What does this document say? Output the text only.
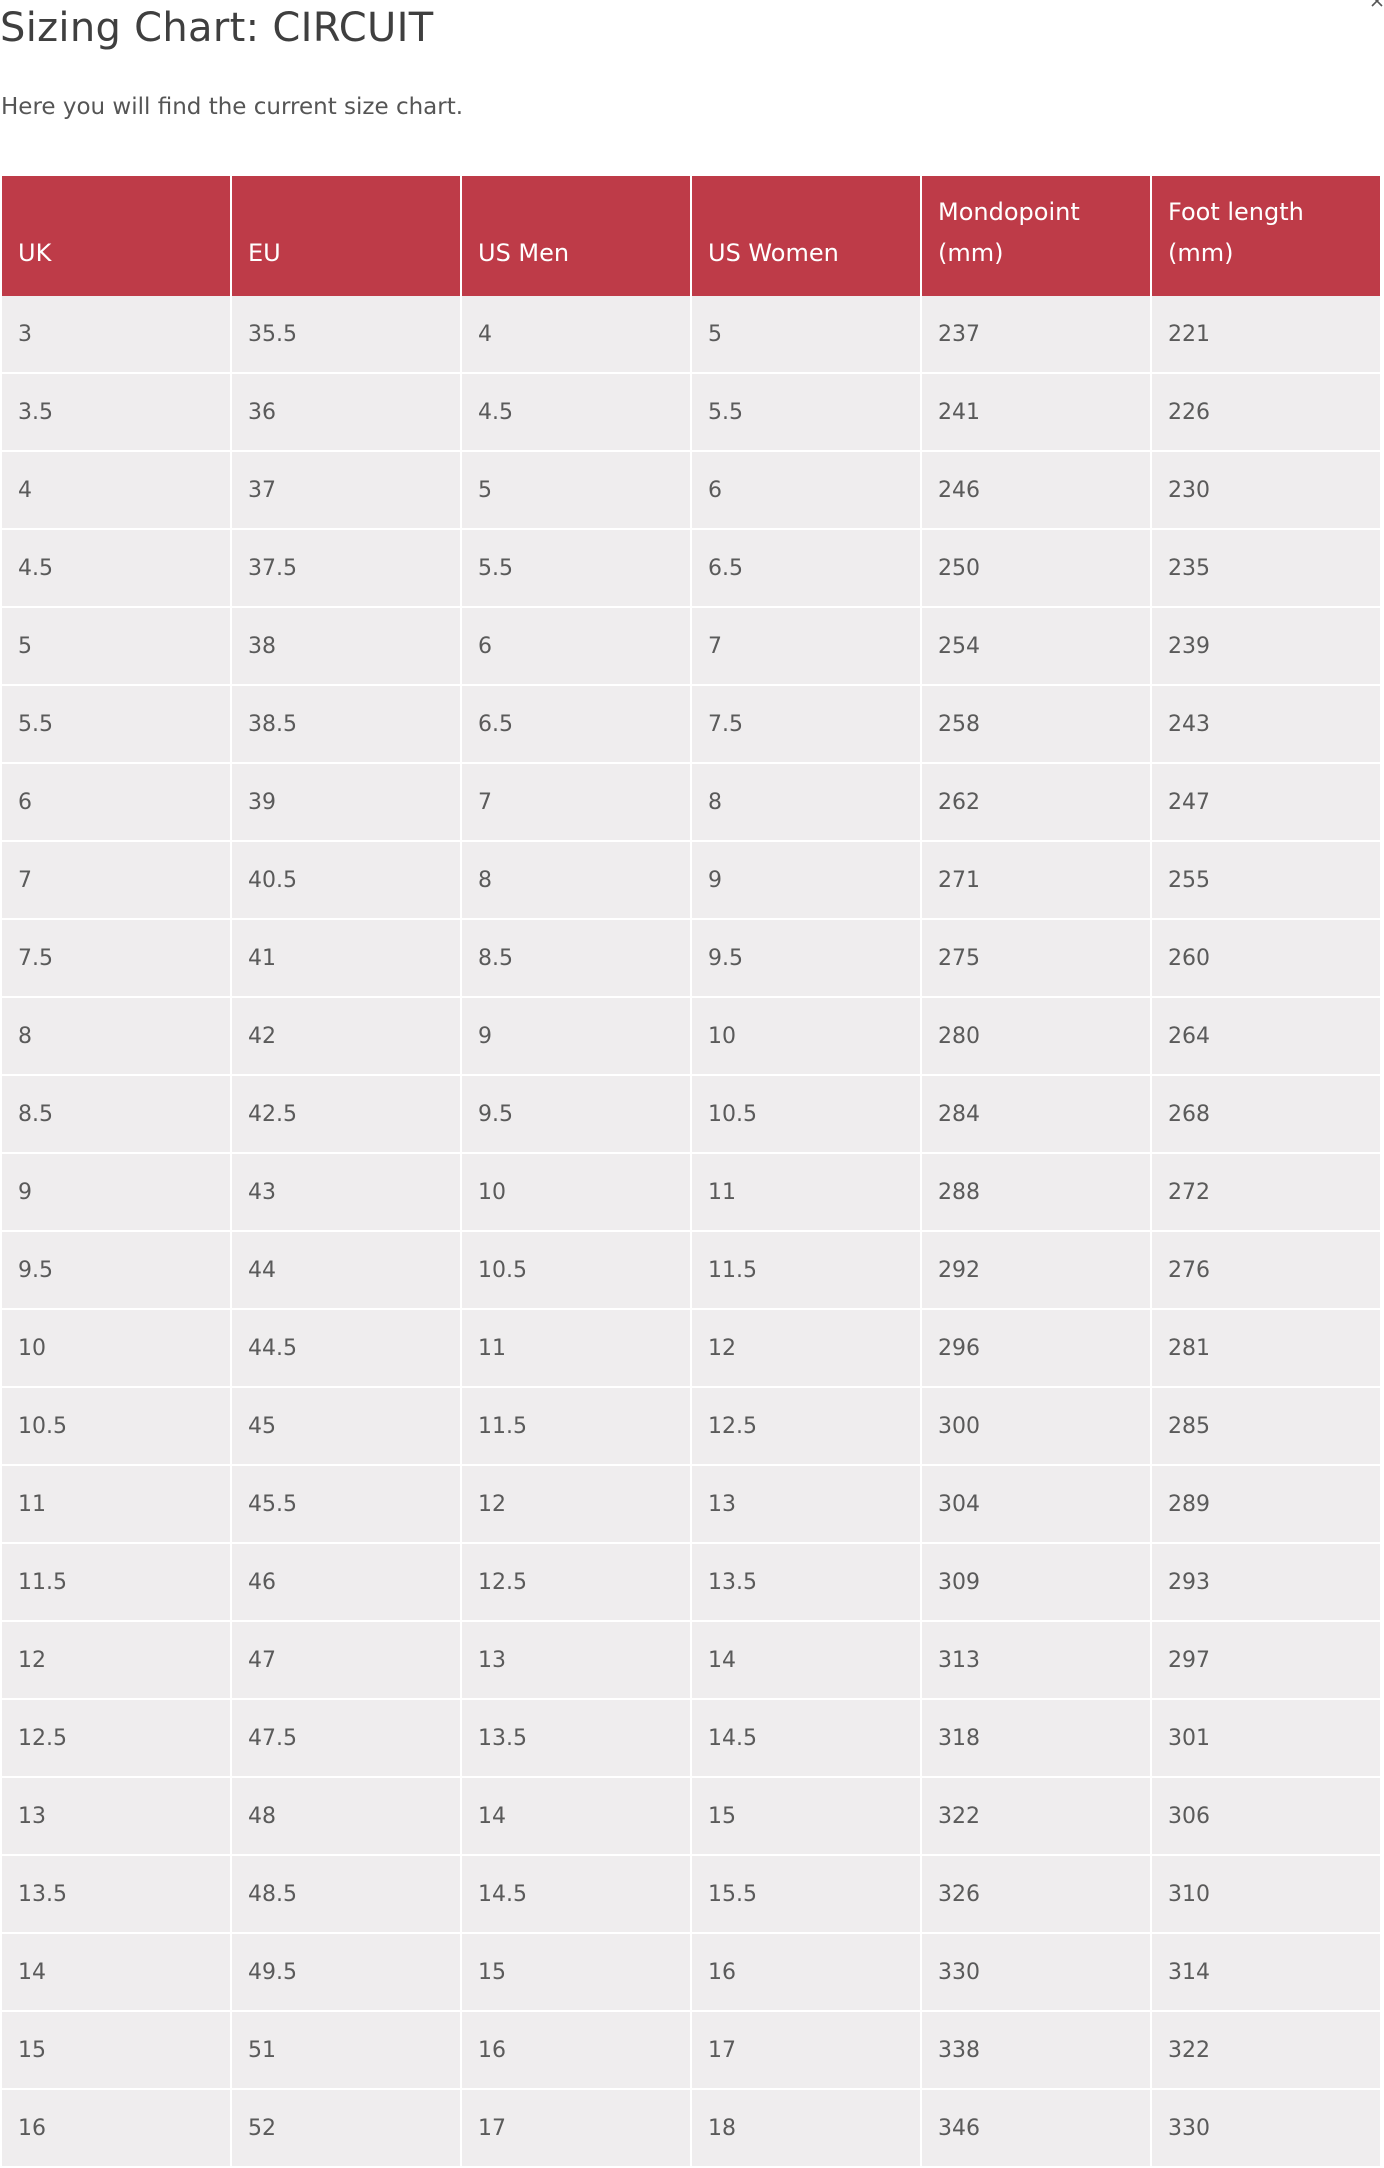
Sizing Chart: CIRCUIT

Here you will find the current size chart.

UK	EU	US Men	US Women	Mondopoint (mm)	Foot length (mm)
3	35.5	4	5	237	221
3.5	36	4.5	5.5	241	226
4	37	5	6	246	230
4.5	37.5	5.5	6.5	250	235
5	38	6	7	254	239
5.5	38.5	6.5	7.5	258	243
6	39	7	8	262	247
7	40.5	8	9	271	255
7.5	41	8.5	9.5	275	260
8	42	9	10	280	264
8.5	42.5	9.5	10.5	284	268
9	43	10	11	288	272
9.5	44	10.5	11.5	292	276
10	44.5	11	12	296	281
10.5	45	11.5	12.5	300	285
11	45.5	12	13	304	289
11.5	46	12.5	13.5	309	293
12	47	13	14	313	297
12.5	47.5	13.5	14.5	318	301
13	48	14	15	322	306
13.5	48.5	14.5	15.5	326	310
14	49.5	15	16	330	314
15	51	16	17	338	322
16	52	17	18	346	330
